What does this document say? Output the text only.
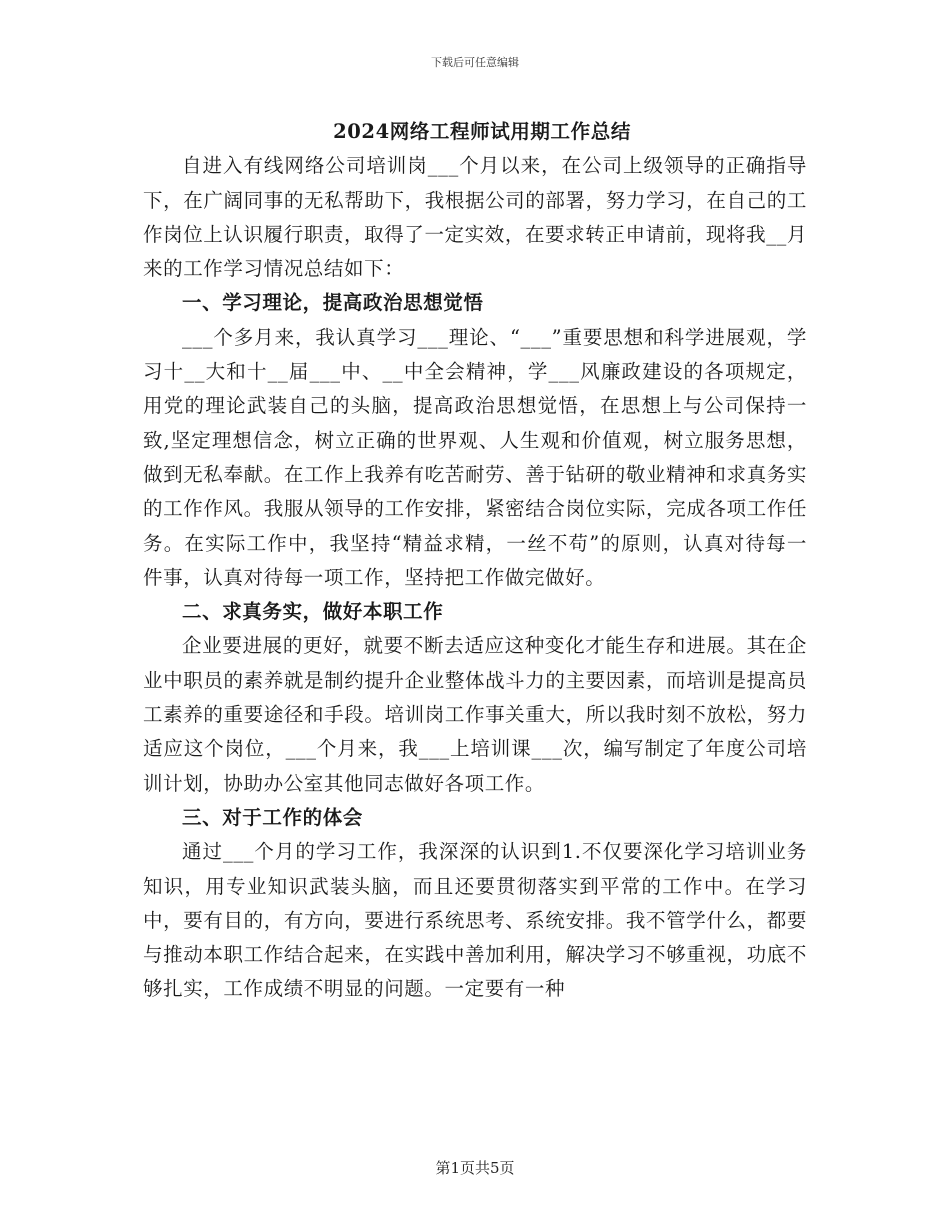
下载后可任意编辑

2024网络工程师试用期工作总结

自进入有线网络公司培训岗___个月以来，在公司上级领导的正确指导下，在广阔同事的无私帮助下，我根据公司的部署，努力学习，在自己的工作岗位上认识履行职责，取得了一定实效，在要求转正申请前，现将我__月来的工作学习情况总结如下：

一、学习理论，提高政治思想觉悟

___个多月来，我认真学习___理论、“___”重要思想和科学进展观，学习十__大和十__届___中、__中全会精神，学___风廉政建设的各项规定，用党的理论武装自己的头脑，提高政治思想觉悟，在思想上与公司保持一致,坚定理想信念，树立正确的世界观、人生观和价值观，树立服务思想，做到无私奉献。在工作上我养有吃苦耐劳、善于钻研的敬业精神和求真务实的工作作风。我服从领导的工作安排，紧密结合岗位实际，完成各项工作任务。在实际工作中，我坚持“精益求精，一丝不苟”的原则，认真对待每一件事，认真对待每一项工作，坚持把工作做完做好。

二、求真务实，做好本职工作

企业要进展的更好，就要不断去适应这种变化才能生存和进展。其在企业中职员的素养就是制约提升企业整体战斗力的主要因素，而培训是提高员工素养的重要途径和手段。培训岗工作事关重大，所以我时刻不放松，努力适应这个岗位，___个月来，我___上培训课___次，编写制定了年度公司培训计划，协助办公室其他同志做好各项工作。

三、对于工作的体会

通过___个月的学习工作，我深深的认识到1.不仅要深化学习培训业务知识，用专业知识武装头脑，而且还要贯彻落实到平常的工作中。在学习中，要有目的，有方向，要进行系统思考、系统安排。我不管学什么，都要与推动本职工作结合起来，在实践中善加利用，解决学习不够重视，功底不够扎实，工作成绩不明显的问题。一定要有一种

第1页共5页
